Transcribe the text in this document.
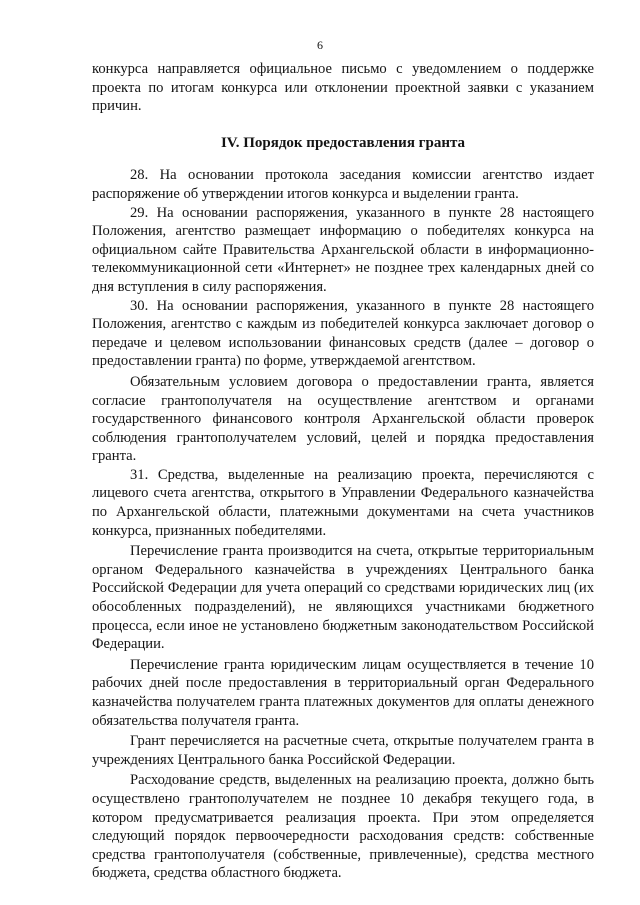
6

конкурса направляется официальное письмо с уведомлением о поддержке проекта по итогам конкурса или отклонении проектной заявки с указанием причин.

IV. Порядок предоставления гранта

28. На основании протокола заседания комиссии агентство издает распоряжение об утверждении итогов конкурса и выделении гранта.

29. На основании распоряжения, указанного в пункте 28 настоящего Положения, агентство размещает информацию о победителях конкурса на официальном сайте Правительства Архангельской области в информационно-телекоммуникационной сети «Интернет» не позднее трех календарных дней со дня вступления в силу распоряжения.

30. На основании распоряжения, указанного в пункте 28 настоящего Положения, агентство с каждым из победителей конкурса заключает договор о передаче и целевом использовании финансовых средств (далее – договор о предоставлении гранта) по форме, утверждаемой агентством.

Обязательным условием договора о предоставлении гранта, является согласие грантополучателя на осуществление агентством и органами государственного финансового контроля Архангельской области проверок соблюдения грантополучателем условий, целей и порядка предоставления гранта.

31. Средства, выделенные на реализацию проекта, перечисляются с лицевого счета агентства, открытого в Управлении Федерального казначейства по Архангельской области, платежными документами на счета участников конкурса, признанных победителями.

Перечисление гранта производится на счета, открытые территориальным органом Федерального казначейства в учреждениях Центрального банка Российской Федерации для учета операций со средствами юридических лиц (их обособленных подразделений), не являющихся участниками бюджетного процесса, если иное не установлено бюджетным законодательством Российской Федерации.

Перечисление гранта юридическим лицам осуществляется в течение 10 рабочих дней после предоставления в территориальный орган Федерального казначейства получателем гранта платежных документов для оплаты денежного обязательства получателя гранта.

Грант перечисляется на расчетные счета, открытые получателем гранта в учреждениях Центрального банка Российской Федерации.

Расходование средств, выделенных на реализацию проекта, должно быть осуществлено грантополучателем не позднее 10 декабря текущего года, в котором предусматривается реализация проекта. При этом определяется следующий порядок первоочередности расходования средств: собственные средства грантополучателя (собственные, привлеченные), средства местного бюджета, средства областного бюджета.
